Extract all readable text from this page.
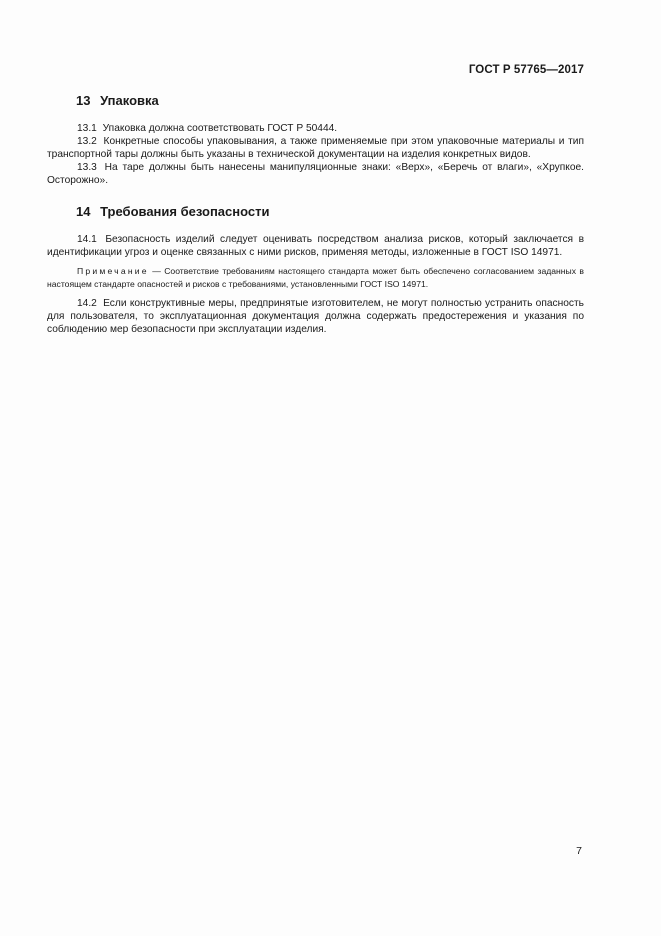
ГОСТ Р 57765—2017
13 Упаковка

13.1 Упаковка должна соответствовать ГОСТ Р 50444.

13.2 Конкретные способы упаковывания, а также применяемые при этом упаковочные материалы и тип транспортной тары должны быть указаны в технической документации на изделия конкретных видов.

13.3 На таре должны быть нанесены манипуляционные знаки: «Верх», «Беречь от влаги», «Хрупкое. Осторожно».

14 Требования безопасности

14.1 Безопасность изделий следует оценивать посредством анализа рисков, который заключается в идентификации угроз и оценке связанных с ними рисков, применяя методы, изложенные в ГОСТ ISO 14971.

Примечание — Соответствие требованиям настоящего стандарта может быть обеспечено согласованием заданных в настоящем стандарте опасностей и рисков с требованиями, установленными ГОСТ ISO 14971.

14.2 Если конструктивные меры, предпринятые изготовителем, не могут полностью устранить опасность для пользователя, то эксплуатационная документация должна содержать предостережения и указания по соблюдению мер безопасности при эксплуатации изделия.

7
